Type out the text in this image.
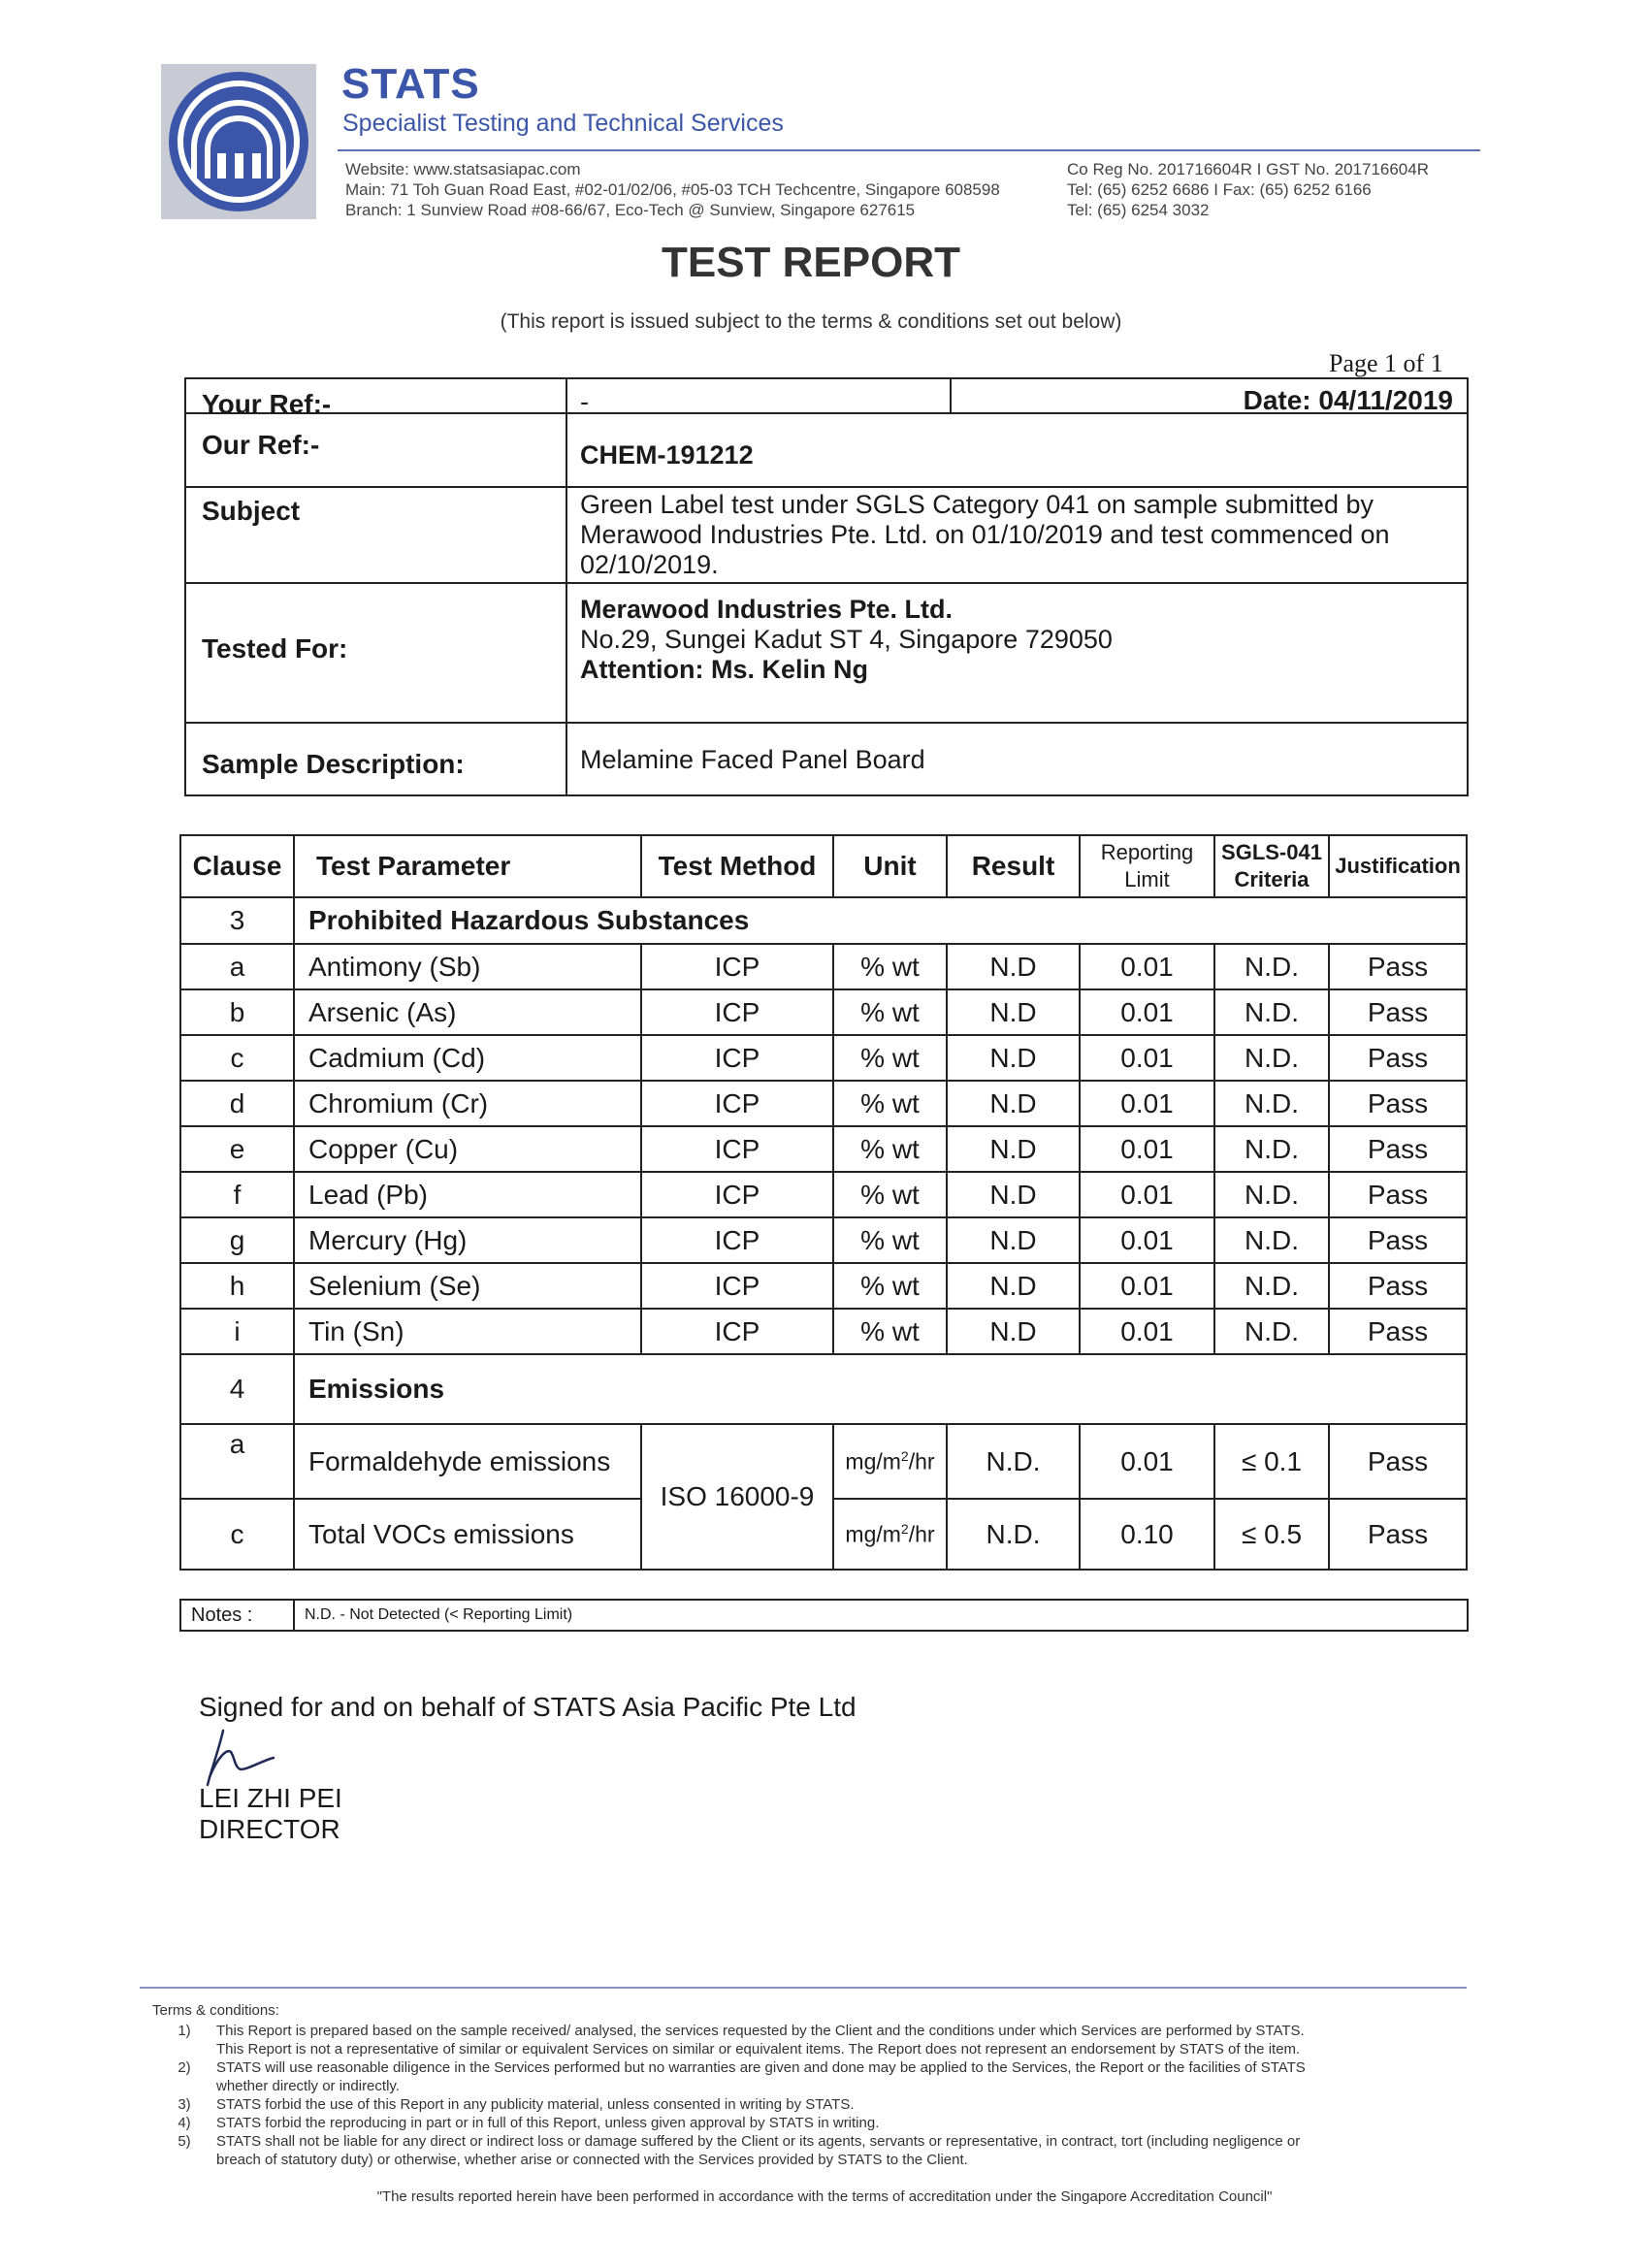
STATS
Specialist Testing and Technical Services
Website: www.statsasiapac.com
Main: 71 Toh Guan Road East, #02-01/02/06, #05-03 TCH Techcentre, Singapore 608598
Branch: 1 Sunview Road #08-66/67, Eco-Tech @ Sunview, Singapore 627615
Co Reg No. 201716604R I GST No. 201716604R
Tel: (65) 6252 6686 I Fax: (65) 6252 6166
Tel: (65) 6254 3032
TEST REPORT
(This report is issued subject to the terms & conditions set out below)
Page 1 of 1
Your Ref:-	-	Date: 04/11/2019
Our Ref:-	CHEM-191212
Subject	Green Label test under SGLS Category 041 on sample submitted by
Merawood Industries Pte. Ltd. on 01/10/2019 and test commenced on
02/10/2019.
Tested For:
Merawood Industries Pte. Ltd.
No.29, Sungei Kadut ST 4, Singapore 729050
Attention: Ms. Kelin Ng
Sample Description:	Melamine Faced Panel Board
Clause	Test Parameter	Test Method	Unit	Result	Reporting Limit	SGLS-041 Criteria	Justification
3	Prohibited Hazardous Substances						
a	Antimony (Sb)	ICP	% wt	N.D	0.01	N.D.	Pass
b	Arsenic (As)	ICP	% wt	N.D	0.01	N.D.	Pass
c	Cadmium (Cd)	ICP	% wt	N.D	0.01	N.D.	Pass
d	Chromium (Cr)	ICP	% wt	N.D	0.01	N.D.	Pass
e	Copper (Cu)	ICP	% wt	N.D	0.01	N.D.	Pass
f	Lead (Pb)	ICP	% wt	N.D	0.01	N.D.	Pass
g	Mercury (Hg)	ICP	% wt	N.D	0.01	N.D.	Pass
h	Selenium (Se)	ICP	% wt	N.D	0.01	N.D.	Pass
i	Tin (Sn)	ICP	% wt	N.D	0.01	N.D.	Pass
4	Emissions						
a	Formaldehyde emissions	ISO 16000-9	$mg/m^2/hr$	N.D.	0.01	≤ 0.1	Pass
c	Total VOCs emissions		$mg/m^2/hr$	N.D.	0.10	≤ 0.5	Pass
Notes :	N.D. - Not Detected (< Reporting Limit)
Signed for and on behalf of STATS Asia Pacific Pte Ltd
LEI ZHI PEI
DIRECTOR
Terms & conditions:
1)	This Report is prepared based on the sample received/ analysed, the services requested by the Client and the conditions under which Services are performed by STATS.
This Report is not a representative of similar or equivalent Services on similar or equivalent items. The Report does not represent an endorsement by STATS of the item.
2)	STATS will use reasonable diligence in the Services performed but no warranties are given and done may be applied to the Services, the Report or the facilities of STATS
whether directly or indirectly.
3)	STATS forbid the use of this Report in any publicity material, unless consented in writing by STATS.
4)	STATS forbid the reproducing in part or in full of this Report, unless given approval by STATS in writing.
5)	STATS shall not be liable for any direct or indirect loss or damage suffered by the Client or its agents, servants or representative, in contract, tort (including negligence or
breach of statutory duty) or otherwise, whether arise or connected with the Services provided by STATS to the Client.
"The results reported herein have been performed in accordance with the terms of accreditation under the Singapore Accreditation Council"
